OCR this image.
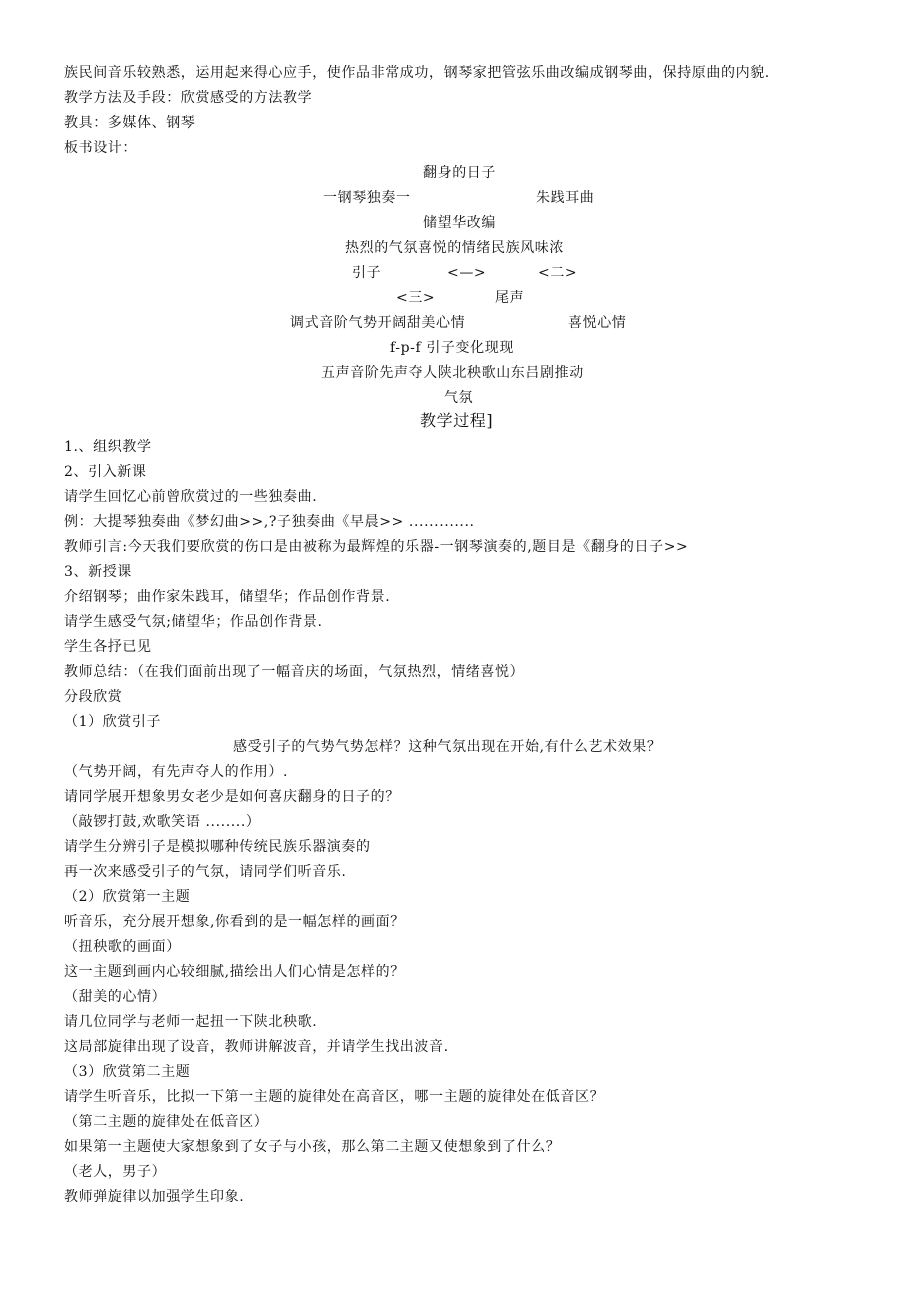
族民间音乐较熟悉，运用起来得心应手，使作品非常成功，钢琴家把管弦乐曲改编成钢琴曲，保持原曲的内貌.
教学方法及手段：欣赏感受的方法教学
教具：多媒体、钢琴
板书设计：
翻身的日子
一钢琴独奏一	朱践耳曲
储望华改编
热烈的气氛喜悦的情绪民族风味浓
引子	<—>	<二>
<三>	尾声
调式音阶气势开阔甜美心情	喜悦心情
f-p-f 引子变化现现
五声音阶先声夺人陕北秧歌山东吕剧推动
气氛
教学过程]
1.、组织教学
2、引入新课
请学生回忆心前曾欣赏过的一些独奏曲.
例：大提琴独奏曲《梦幻曲>>,?子独奏曲《早晨>> .............
教师引言:今天我们要欣赏的伤口是由被称为最辉煌的乐器-一钢琴演奏的,题目是《翻身的日子>>
3、新授课
介绍钢琴；曲作家朱践耳，储望华；作品创作背景.
请学生感受气氛;储望华；作品创作背景.
学生各抒已见
教师总结：（在我们面前出现了一幅音庆的场面，气氛热烈，情绪喜悦）
分段欣赏
（1）欣赏引子
感受引子的气势气势怎样？这种气氛出现在开始,有什么艺术效果？
（气势开阔，有先声夺人的作用）.
请同学展开想象男女老少是如何喜庆翻身的日子的？
（敲锣打鼓,欢歌笑语 ........）
请学生分辨引子是模拟哪种传统民族乐器演奏的
再一次来感受引子的气氛，请同学们听音乐.
（2）欣赏第一主题
听音乐，充分展开想象,你看到的是一幅怎样的画面？
（扭秧歌的画面）
这一主题到画内心较细腻,描绘出人们心情是怎样的？
（甜美的心情）
请几位同学与老师一起扭一下陕北秧歌.
这局部旋律出现了设音，教师讲解波音，并请学生找出波音.
（3）欣赏第二主题
请学生听音乐，比拟一下第一主题的旋律处在高音区，哪一主题的旋律处在低音区？
（第二主题的旋律处在低音区）
如果第一主题使大家想象到了女子与小孩，那么第二主题又使想象到了什么？
（老人，男子）
教师弹旋律以加强学生印象.
